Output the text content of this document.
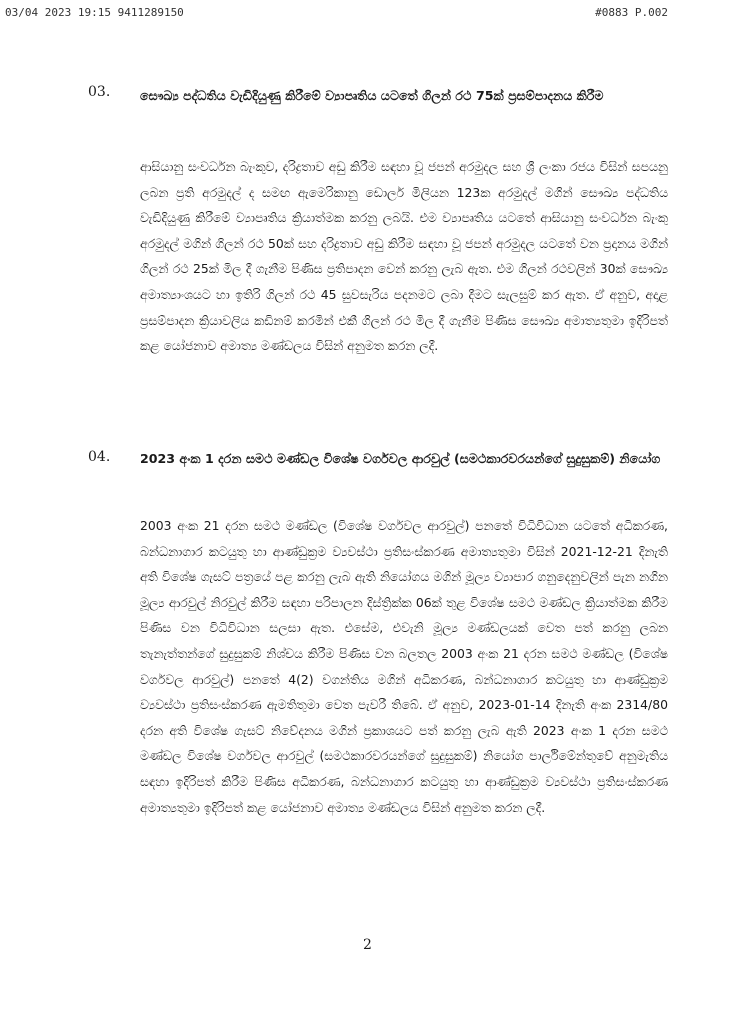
03/04 2023 19:15 9411289150	#0883 P.002
03. සෞඛ්‍ය පද්ධතිය වැඩිදියුණු කිරීමේ ව්‍යාපෘතිය යටතේ ගිලන් රථ 75ක් ප්‍රසම්පාදනය කිරීම

ආසියානු සංවර්ධන බැංකුව, දරිද්‍රතාව අඩු කිරීම සඳහා වූ ජපන් අරමුදල සහ ශ්‍රී ලංකා රජය විසින් සපයනු ලබන ප්‍රති අරමුදල් ද සමඟ ඇමෙරිකානු ඩොලර් මිලියන 123ක අරමුදල් මගින් සෞඛ්‍ය පද්ධතිය වැඩිදියුණු කිරීමේ ව්‍යාපෘතිය ක්‍රියාත්මක කරනු ලබයි. එම ව්‍යාපෘතිය යටතේ ආසියානු සංවර්ධන බැංකු අරමුදල් මගින් ගිලන් රථ 50ක් සහ දරිද්‍රතාව අඩු කිරීම සඳහා වූ ජපන් අරමුදල යටතේ වන ප්‍රදානය මගින් ගිලන් රථ 25ක් මිල දී ගැනීම පිණිස ප්‍රතිපාදන වෙන් කරනු ලැබ ඇත. එම ගිලන් රථවලින් 30ක් සෞඛ්‍ය අමාත්‍යාංශයට හා ඉතිරි ගිලන් රථ 45 සුවසැරිය පදනමට ලබා දීමට සැලසුම් කර ඇත. ඒ අනුව, අදාළ ප්‍රසම්පාදන ක්‍රියාවලිය කඩිනම් කරමින් එකී ගිලන් රථ මිල දී ගැනීම පිණිස සෞඛ්‍ය අමාත්‍යතුමා ඉදිරිපත් කළ යෝජනාව අමාත්‍ය මණ්ඩලය විසින් අනුමත කරන ලදී.

04. 2023 අංක 1 දරන සමථ මණ්ඩල විශේෂ වර්ගවල ආරවුල් (සමථකාරවරයන්ගේ සුදුසුකම්) නියෝග

2003 අංක 21 දරන සමථ මණ්ඩල (විශේෂ වර්ගවල ආරවුල්) පනතේ විධිවිධාන යටතේ අධිකරණ, බන්ධනාගාර කටයුතු හා ආණ්ඩුක්‍රම ව්‍යවස්ථා ප්‍රතිසංස්කරණ අමාත්‍යතුමා විසින් 2021-12-21 දිනැති අති විශේෂ ගැසට් පත්‍රයේ පළ කරනු ලැබ ඇති නියෝගය මගින් මූල්‍ය ව්‍යාපාර ගනුදෙනුවලින් පැන නගින මූල්‍ය ආරවුල් නිරවුල් කිරීම සඳහා පරිපාලන දිස්ත්‍රික්ක 06ක් තුළ විශේෂ සමථ මණ්ඩල ක්‍රියාත්මක කිරීම පිණිස වන විධිවිධාන සලසා ඇත. එසේම, එවැනි මූල්‍ය මණ්ඩලයක් වෙත පත් කරනු ලබන තැනැත්තන්ගේ සුදුසුකම් නිශ්චය කිරීම පිණිස වන බලතල 2003 අංක 21 දරන සමථ මණ්ඩල (විශේෂ වර්ගවල ආරවුල්) පනතේ 4(2) වගන්තිය මගින් අධිකරණ, බන්ධනාගාර කටයුතු හා ආණ්ඩුක්‍රම ව්‍යවස්ථා ප්‍රතිසංස්කරණ ඇමතිතුමා වෙත පැවරී තිබේ. ඒ අනුව, 2023-01-14 දිනැති අංක 2314/80 දරන අති විශේෂ ගැසට් නිවේදනය මගින් ප්‍රකාශයට පත් කරනු ලැබ ඇති 2023 අංක 1 දරන සමථ මණ්ඩල විශේෂ වර්ගවල ආරවුල් (සමථකාරවරයන්ගේ සුදුසුකම්) නියෝග පාර්ලිමේන්තුවේ අනුමැතිය සඳහා ඉදිරිපත් කිරීම පිණිස අධිකරණ, බන්ධනාගාර කටයුතු හා ආණ්ඩුක්‍රම ව්‍යවස්ථා ප්‍රතිසංස්කරණ අමාත්‍යතුමා ඉදිරිපත් කළ යෝජනාව අමාත්‍ය මණ්ඩලය විසින් අනුමත කරන ලදී.

2
